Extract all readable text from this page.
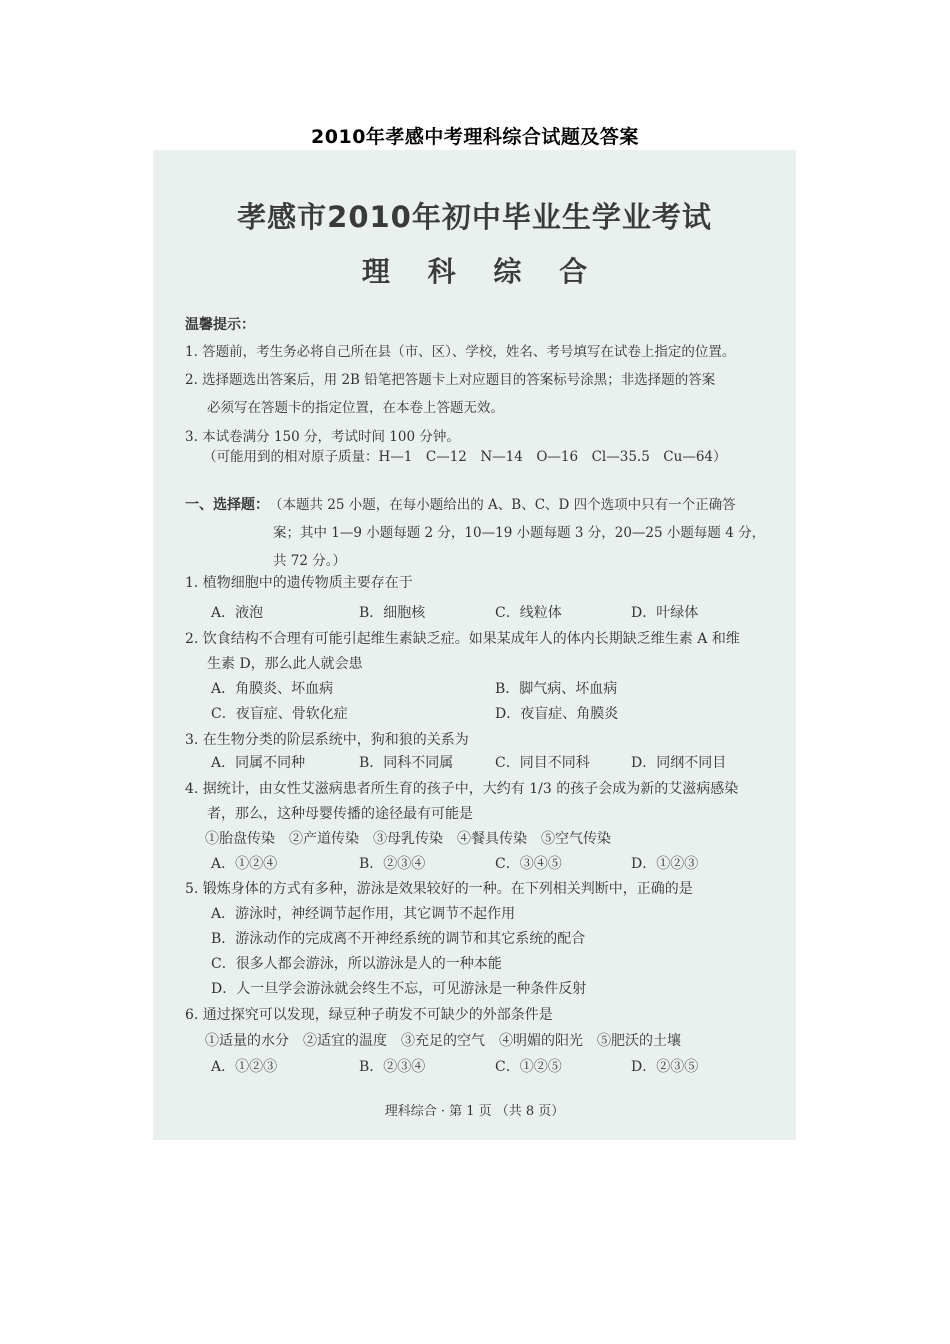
2010年孝感中考理科综合试题及答案
孝感市2010年初中毕业生学业考试
理 科 综 合
温馨提示：
1. 答题前，考生务必将自己所在县（市、区）、学校，姓名、考号填写在试卷上指定的位置。
2. 选择题选出答案后，用 2B 铅笔把答题卡上对应题目的答案标号涂黑；非选择题的答案
必须写在答题卡的指定位置，在本卷上答题无效。
3. 本试卷满分 150 分，考试时间 100 分钟。
（可能用到的相对原子质量：H—1　C—12　N—14　O—16　Cl—35.5　Cu—64）
一、选择题： （本题共 25 小题，在每小题给出的 A、B、C、D 四个选项中只有一个正确答
案；其中 1—9 小题每题 2 分，10—19 小题每题 3 分，20—25 小题每题 4 分，
共 72 分。）
1. 植物细胞中的遗传物质主要存在于
A．液泡	B．细胞核	C．线粒体	D．叶绿体
2. 饮食结构不合理有可能引起维生素缺乏症。如果某成年人的体内长期缺乏维生素 A 和维
生素 D，那么此人就会患
A．角膜炎、坏血病	B．脚气病、坏血病
C．夜盲症、骨软化症	D．夜盲症、角膜炎
3. 在生物分类的阶层系统中，狗和狼的关系为
A．同属不同种	B．同科不同属	C．同目不同科	D．同纲不同目
4. 据统计，由女性艾滋病患者所生育的孩子中，大约有 1/3 的孩子会成为新的艾滋病感染
者，那么，这种母婴传播的途径最有可能是
①胎盘传染　②产道传染　③母乳传染　④餐具传染　⑤空气传染
A．①②④	B．②③④	C．③④⑤	D．①②③
5. 锻炼身体的方式有多种，游泳是效果较好的一种。在下列相关判断中，正确的是
A．游泳时，神经调节起作用，其它调节不起作用
B．游泳动作的完成离不开神经系统的调节和其它系统的配合
C．很多人都会游泳，所以游泳是人的一种本能
D．人一旦学会游泳就会终生不忘，可见游泳是一种条件反射
6. 通过探究可以发现，绿豆种子萌发不可缺少的外部条件是
①适量的水分　②适宜的温度　③充足的空气　④明媚的阳光　⑤肥沃的土壤
A．①②③	B．②③④	C．①②⑤	D．②③⑤
理科综合 · 第 1 页 （共 8 页）
